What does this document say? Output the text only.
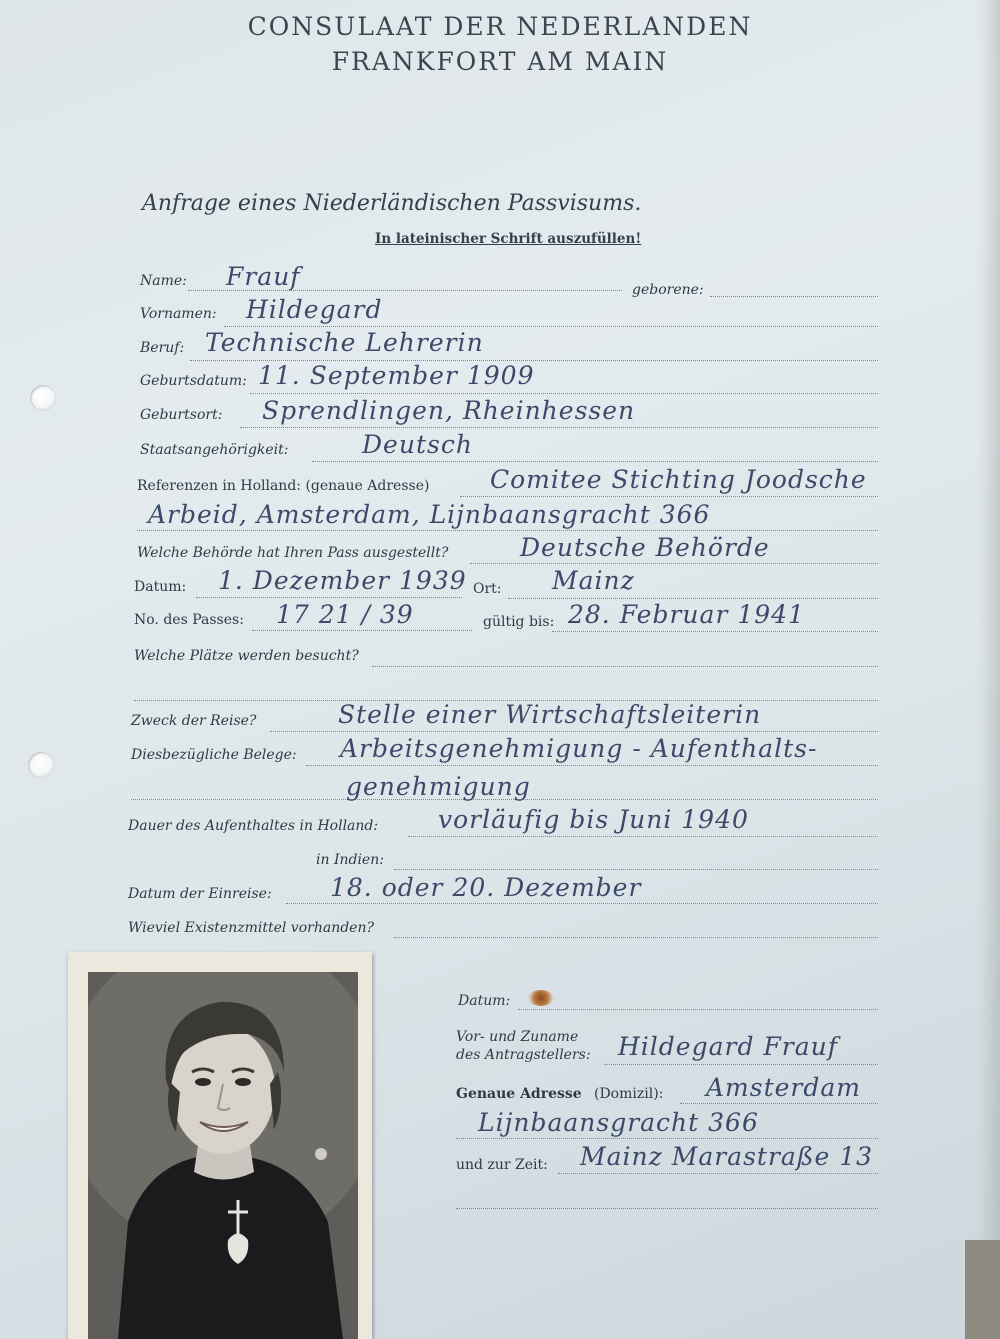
CONSULAAT DER NEDERLANDEN
FRANKFORT AM MAIN
Anfrage eines Niederländischen Passvisums.
In lateinischer Schrift auszufüllen!
Name: Frauf	geborene:
Vornamen: Hildegard
Beruf: Technische Lehrerin
Geburtsdatum: 11. September 1909
Geburtsort: Sprendlingen, Rheinhessen
Staatsangehörigkeit:	Deutsch
Referenzen in Holland: (genaue Adresse) Comitee Stichting Joodsche
Arbeid, Amsterdam, Lijnbaansgracht 366
Welche Behörde hat Ihren Pass ausgestellt?	Deutsche Behörde
Datum: 1. Dezember 1939 Ort: Mainz
No. des Passes: 17 21 / 39	gültig bis: 28. Februar 1941
Welche Plätze werden besucht?
Zweck der Reise?	Stelle einer Wirtschaftsleiterin
Diesbezügliche Belege: Arbeitsgenehmigung - Aufenthalts-
genehmigung
Dauer des Aufenthaltes in Holland: vorläufig bis Juni 1940
in Indien:
Datum der Einreise: 18. oder 20. Dezember
Wieviel Existenzmittel vorhanden?
Datum:
Vor- und Zuname
des Antragstellers: Hildegard Frauf
Genaue Adresse (Domizil): Amsterdam
Lijnbaansgracht 366
und zur Zeit: Mainz Marastraße 13
